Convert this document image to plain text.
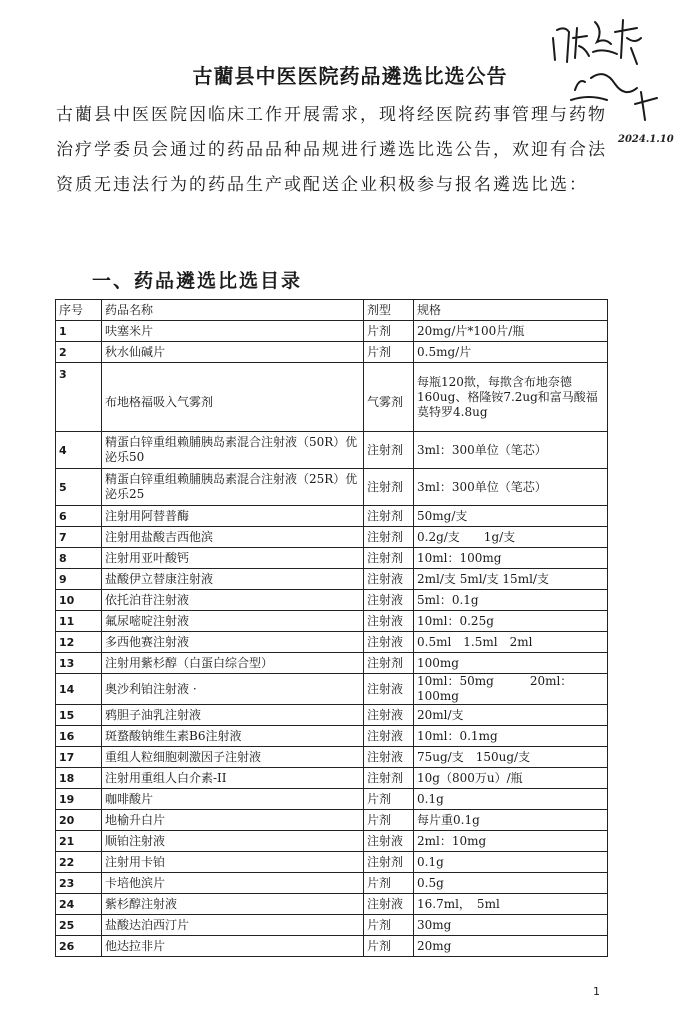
古藺县中医医院药品遴选比选公告
古藺县中医医院因临床工作开展需求，现将经医院药事管理与药物治疗学委员会通过的药品品种品规进行遴选比选公告，欢迎有合法资质无违法行为的药品生产或配送企业积极参与报名遴选比选：
一、药品遴选比选目录
序号	药品名称	剂型	规格
1	呋塞米片	片剂	20mg/片*100片/瓶
2	秋水仙碱片	片剂	0.5mg/片
3	布地格福吸入气雾剂	气雾剂	每瓶120揿，每揿含布地奈德160ug、格隆铵7.2ug和富马酸福莫特罗4.8ug
4	精蛋白锌重组赖脯胰岛素混合注射液（50R）优泌乐50	注射剂	3ml：300单位（笔芯）
5	精蛋白锌重组赖脯胰岛素混合注射液（25R）优泌乐25	注射剂	3ml：300单位（笔芯）
6	注射用阿替普酶	注射剂	50mg/支
7	注射用盐酸吉西他滨	注射剂	0.2g/支　　1g/支
8	注射用亚叶酸钙	注射剂	10ml：100mg
9	盐酸伊立替康注射液	注射液	2ml/支 5ml/支 15ml/支
10	依托泊苷注射液	注射液	5ml：0.1g
11	氟尿嘧啶注射液	注射液	10ml：0.25g
12	多西他赛注射液	注射液	0.5ml　1.5ml　2ml
13	注射用紫杉醇（白蛋白综合型）	注射剂	100mg
14	奥沙利铂注射液 ·	注射液	10ml：50mg　　　20ml：100mg
15	鸦胆子油乳注射液	注射液	20ml/支
16	斑蝥酸钠维生素B6注射液	注射液	10ml：0.1mg
17	重组人粒细胞刺激因子注射液	注射液	75ug/支　150ug/支
18	注射用重组人白介素-II	注射剂	10g（800万u）/瓶
19	咖啡酸片	片剂	0.1g
20	地榆升白片	片剂	每片重0.1g
21	顺铂注射液	注射液	2ml：10mg
22	注射用卡铂	注射剂	0.1g
23	卡培他滨片	片剂	0.5g
24	紫杉醇注射液	注射液	16.7ml，　5ml
25	盐酸达泊西汀片	片剂	30mg
26	他达拉非片	片剂	20mg
1
2024.1.10
